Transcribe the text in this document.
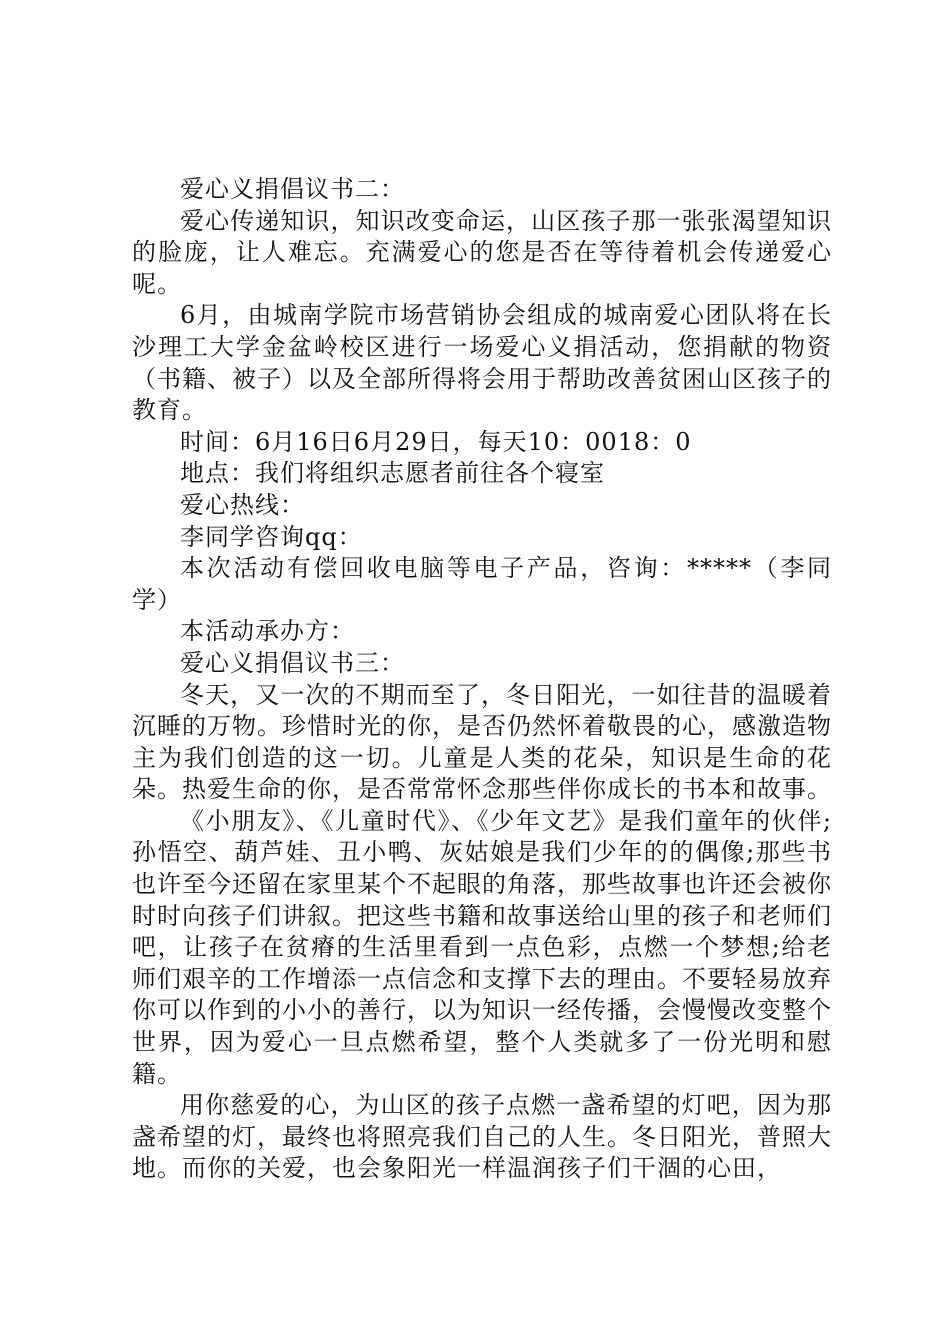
爱心义捐倡议书二：

爱心传递知识，知识改变命运，山区孩子那一张张渴望知识的脸庞，让人难忘。充满爱心的您是否在等待着机会传递爱心呢。

6月，由城南学院市场营销协会组成的城南爱心团队将在长沙理工大学金盆岭校区进行一场爱心义捐活动，您捐献的物资（书籍、被子）以及全部所得将会用于帮助改善贫困山区孩子的教育。

时间：6月16日6月29日，每天10：0018：0

地点：我们将组织志愿者前往各个寝室

爱心热线：

李同学咨询qq：

本次活动有偿回收电脑等电子产品，咨询：*****（李同学）

本活动承办方：

爱心义捐倡议书三：

冬天，又一次的不期而至了，冬日阳光，一如往昔的温暖着沉睡的万物。珍惜时光的你，是否仍然怀着敬畏的心，感激造物主为我们创造的这一切。儿童是人类的花朵，知识是生命的花朵。热爱生命的你，是否常常怀念那些伴你成长的书本和故事。

《小朋友》、《儿童时代》、《少年文艺》是我们童年的伙伴;孙悟空、葫芦娃、丑小鸭、灰姑娘是我们少年的的偶像;那些书也许至今还留在家里某个不起眼的角落，那些故事也许还会被你时时向孩子们讲叙。把这些书籍和故事送给山里的孩子和老师们吧，让孩子在贫瘠的生活里看到一点色彩，点燃一个梦想;给老师们艰辛的工作增添一点信念和支撑下去的理由。不要轻易放弃你可以作到的小小的善行，以为知识一经传播，会慢慢改变整个世界，因为爱心一旦点燃希望，整个人类就多了一份光明和慰籍。

用你慈爱的心，为山区的孩子点燃一盏希望的灯吧，因为那盏希望的灯，最终也将照亮我们自己的人生。冬日阳光，普照大地。而你的关爱，也会象阳光一样温润孩子们干涸的心田，
